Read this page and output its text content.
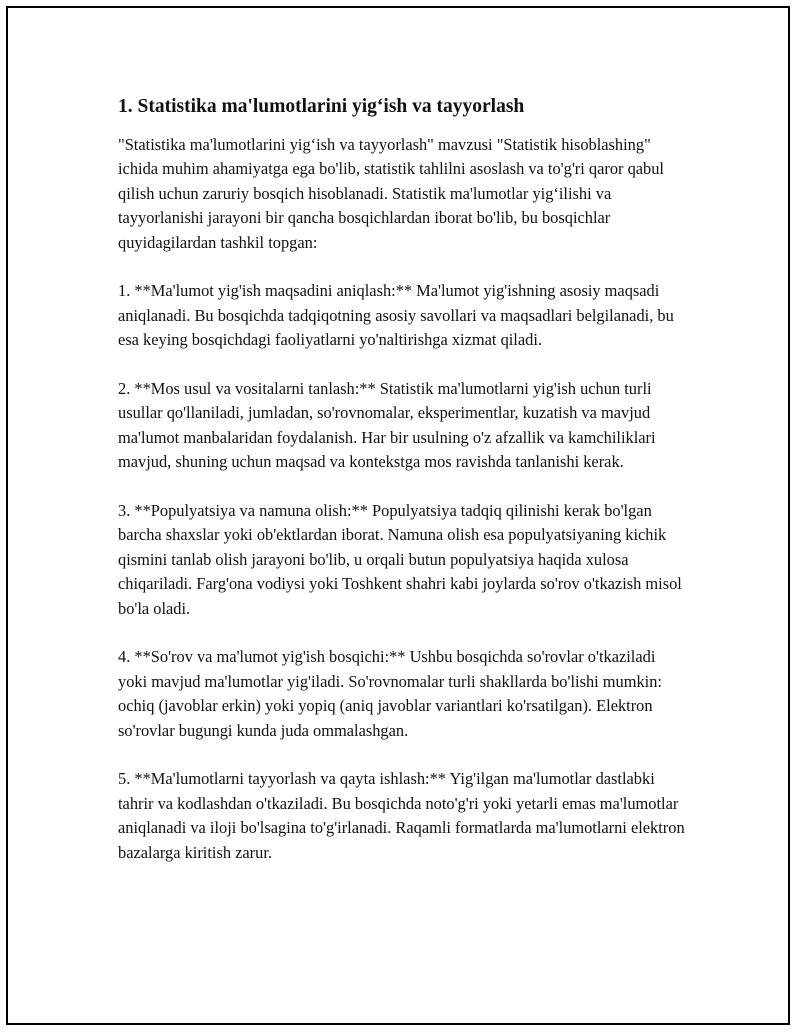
1. Statistika ma'lumotlarini yig‘ish va tayyorlash

"Statistika ma'lumotlarini yig‘ish va tayyorlash" mavzusi "Statistik hisoblashing" ichida muhim ahamiyatga ega bo'lib, statistik tahlilni asoslash va to'g'ri qaror qabul qilish uchun zaruriy bosqich hisoblanadi. Statistik ma'lumotlar yig‘ilishi va tayyorlanishi jarayoni bir qancha bosqichlardan iborat bo'lib, bu bosqichlar quyidagilardan tashkil topgan:

1. **Ma'lumot yig'ish maqsadini aniqlash:** Ma'lumot yig'ishning asosiy maqsadi aniqlanadi. Bu bosqichda tadqiqotning asosiy savollari va maqsadlari belgilanadi, bu esa keying bosqichdagi faoliyatlarni yo'naltirishga xizmat qiladi.

2. **Mos usul va vositalarni tanlash:** Statistik ma'lumotlarni yig'ish uchun turli usullar qo'llaniladi, jumladan, so'rovnomalar, eksperimentlar, kuzatish va mavjud ma'lumot manbalaridan foydalanish. Har bir usulning o'z afzallik va kamchiliklari mavjud, shuning uchun maqsad va kontekstga mos ravishda tanlanishi kerak.

3. **Populyatsiya va namuna olish:** Populyatsiya tadqiq qilinishi kerak bo'lgan barcha shaxslar yoki ob'ektlardan iborat. Namuna olish esa populyatsiyaning kichik qismini tanlab olish jarayoni bo'lib, u orqali butun populyatsiya haqida xulosa chiqariladi. Farg'ona vodiysi yoki Toshkent shahri kabi joylarda so'rov o'tkazish misol bo'la oladi.

4. **So'rov va ma'lumot yig'ish bosqichi:** Ushbu bosqichda so'rovlar o'tkaziladi yoki mavjud ma'lumotlar yig'iladi. So'rovnomalar turli shakllarda bo'lishi mumkin: ochiq (javoblar erkin) yoki yopiq (aniq javoblar variantlari ko'rsatilgan). Elektron so'rovlar bugungi kunda juda ommalashgan.

5. **Ma'lumotlarni tayyorlash va qayta ishlash:** Yig'ilgan ma'lumotlar dastlabki tahrir va kodlashdan o'tkaziladi. Bu bosqichda noto'g'ri yoki yetarli emas ma'lumotlar aniqlanadi va iloji bo'lsagina to'g'irlanadi. Raqamli formatlarda ma'lumotlarni elektron bazalarga kiritish zarur.
